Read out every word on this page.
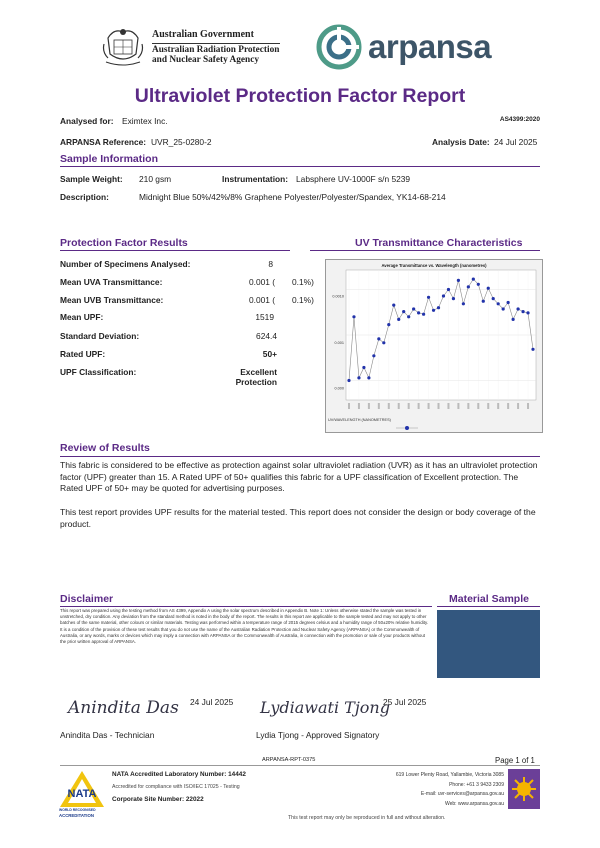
Australian Government
Australian Radiation Protection
and Nuclear Safety Agency	arpansa
Ultraviolet Protection Factor Report
Analysed for: Eximtex Inc.	AS4399:2020
ARPANSA Reference: UVR_25-0280-2	Analysis Date: 24 Jul 2025
Sample Information
Sample Weight: 210 gsm	Instrumentation: Labsphere UV-1000F s/n 5239
Description:	Midnight Blue 50%/42%/8% Graphene Polyester/Polyester/Spandex, YK14-68-214
Protection Factor Results
Number of Specimens Analysed:	8
Mean UVA Transmittance:	0.001 (	0.1%)
Mean UVB Transmittance:	0.001 (	0.1%)
Mean UPF:	1519
Standard Deviation:	624.4
Rated UPF:	50+
UPF Classification:	Excellent Protection
UV Transmittance Characteristics
Average Transmittance vs. Wavelength (nanometres)
0.0010
0.001
0.000
UV/WAVELENGTH (NANOMETRES)
Review of Results
This fabric is considered to be effective as protection against solar ultraviolet radiation (UVR) as it has an ultraviolet protection factor (UPF) greater than 15. A Rated UPF of 50+ qualifies this fabric for a UPF classification of Excellent protection. The Rated UPF of 50+ may be quoted for advertising purposes.
This test report provides UPF results for the material tested. This report does not consider the design or body coverage of the product.
Disclaimer
This report was prepared using the testing method from AS 4399, Appendix A using the solar spectrum described in Appendix B. Note 1: Unless otherwise stated the sample was tested in unstretched, dry condition. Any deviation from the standard method is noted in the body of the report. The results in this report are applicable to the sample tested and may not apply to other batches of the same material, other colours or similar materials. Testing was performed within a temperature range of 2015 degrees celsius and a humidity range of 50±20% relative humidity. It is a condition of the provision of these test results that you do not use the name of the Australian Radiation Protection and Nuclear Safety Agency (ARPANSA) or the Commonwealth of Australia, or any words, marks or devices which may imply a connection with ARPANSA or the Commonwealth of Australia, in connection with the promotion or sale of your products without the prior written approval of ARPANSA.
Material Sample
Anindita Das 24 Jul 2025
Anindita Das - Technician
Lydiawati Tjong
25 Jul 2025
Lydia Tjong - Approved Signatory
ARPANSA-RPT-0375	Page 1 of 1
NATA
WORLD RECOGNISED
ACCREDITATION
NATA Accredited Laboratory Number: 14442
Accredited for compliance with ISO/IEC 17025 - Testing
Corporate Site Number: 22022
619 Lower Plenty Road, Yallambie, Victoria 3085
Phone: +61 3 9433 2309
E-mail: uvr-services@arpansa.gov.au
Web: www.arpansa.gov.au
This test report may only be reproduced in full and without alteration.
